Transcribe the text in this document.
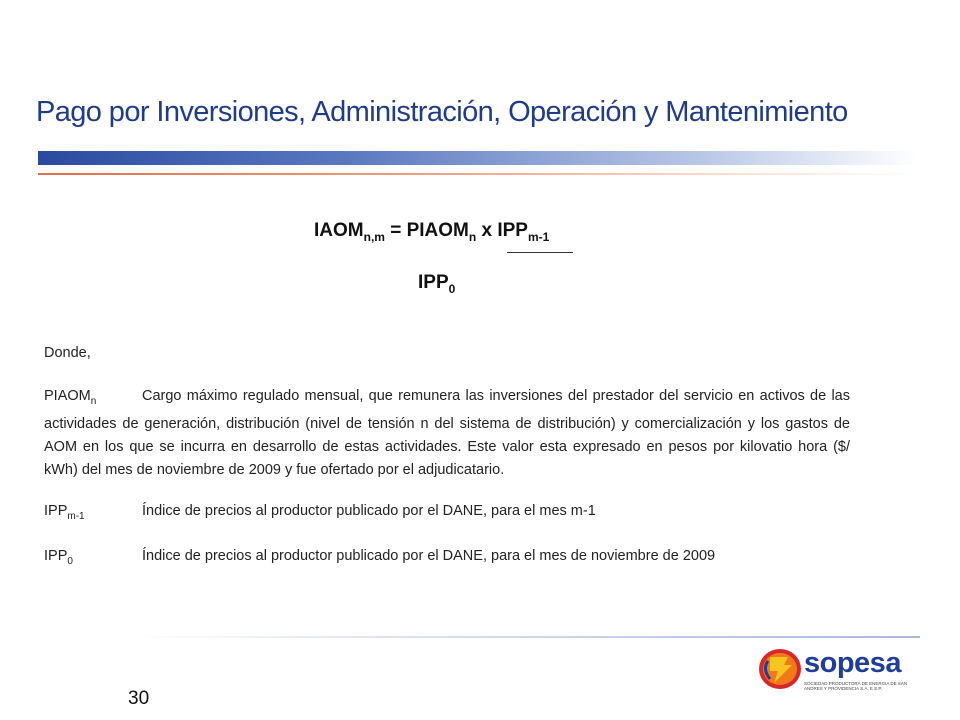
Pago por Inversiones, Administración, Operación y Mantenimiento
$IAOM_{n,m}$ = $PIAOM_n$ x $IPP_{m-1}$
$IPP_0$
Donde,
$PIAOM_n$	Cargo máximo regulado mensual, que remunera las inversiones del prestador del servicio en activos de las actividades de generación, distribución (nivel de tensión n del sistema de distribución) y comercialización y los gastos de AOM en los que se incurra en desarrollo de estas actividades. Este valor esta expresado en pesos por kilovatio hora ($/ kWh) del mes de noviembre de 2009 y fue ofertado por el adjudicatario.
$IPP_{m-1}$	Índice de precios al productor publicado por el DANE, para el mes m-1
$IPP_0$	Índice de precios al productor publicado por el DANE, para el mes de noviembre de 2009
30
sopesa
SOCIEDAD PRODUCTORA DE ENERGIA DE SAN ANDRES Y PROVIDENCIA S.A. E.S.P.
